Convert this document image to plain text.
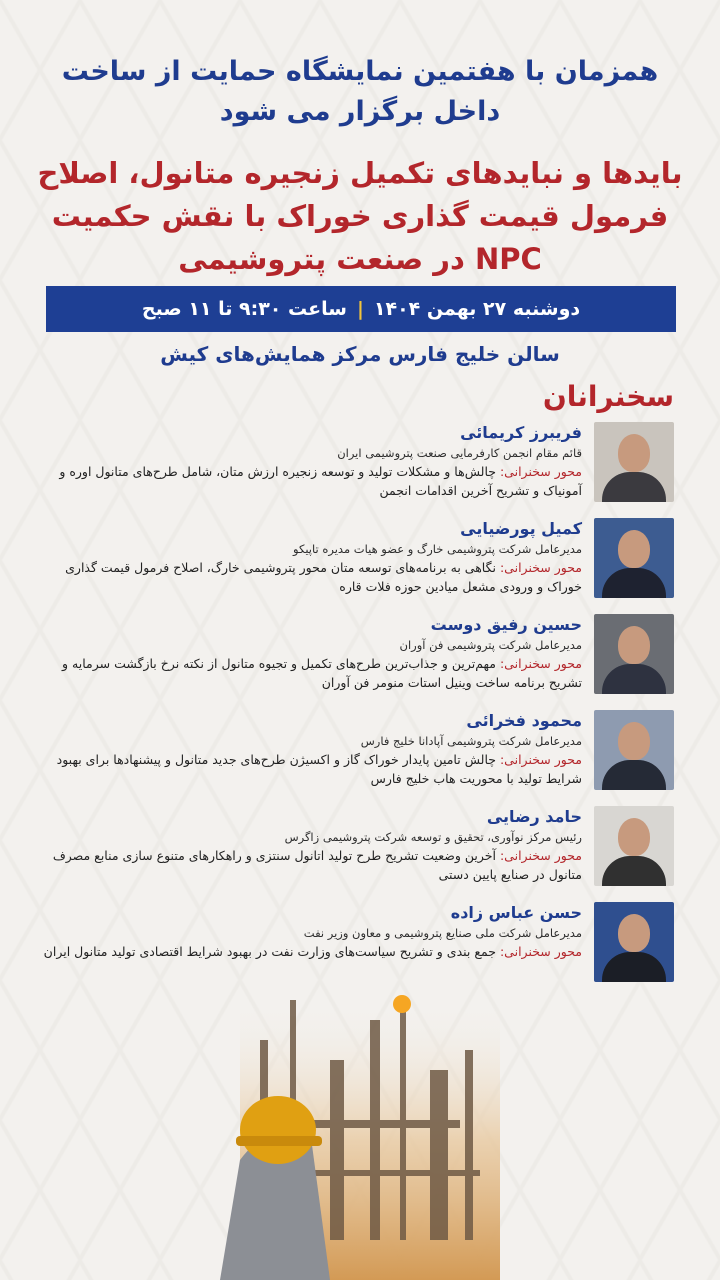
همزمان با هفتمین نمایشگاه حمایت از ساخت
داخل برگزار می شود
بایدها و نبایدهای تکمیل زنجیره متانول، اصلاح
فرمول قیمت گذاری خوراک با نقش حکمیت
NPC در صنعت پتروشیمی
دوشنبه ۲۷ بهمن ۱۴۰۴
|
ساعت ۹:۳۰ تا ۱۱ صبح
سالن خلیج فارس مرکز همایش‌های کیش
سخنرانان
فریبرز کریمائی
قائم مقام انجمن کارفرمایی صنعت پتروشیمی ایران
محور سخنرانی: چالش‌ها و مشکلات تولید و توسعه زنجیره ارزش متان، شامل طرح‌های متانول اوره و آمونیاک و تشریح آخرین اقدامات انجمن
کمیل پورضیایی
مدیرعامل شرکت پتروشیمی خارگ و عضو هیات مدیره تاپیکو
محور سخنرانی: نگاهی به برنامه‌های توسعه متان محور پتروشیمی خارگ، اصلاح فرمول قیمت گذاری خوراک و ورودی مشعل میادین حوزه فلات قاره
حسین رفیق دوست
مدیرعامل شرکت پتروشیمی فن آوران
محور سخنرانی: مهم‌ترین و جذاب‌ترین طرح‌های تکمیل و تجیوه متانول از نکته نرخ بازگشت سرمایه و تشریح برنامه ساخت وینیل استات منومر فن آوران
محمود فخرائی
مدیرعامل شرکت پتروشیمی آپادانا خلیج فارس
محور سخنرانی: چالش تامین پایدار خوراک گاز و اکسیژن طرح‌های جدید متانول و پیشنهادها برای بهبود شرایط تولید با محوریت هاب خلیج فارس
حامد رضایی
رئیس مرکز نوآوری، تحقیق و توسعه شرکت پتروشیمی زاگرس
محور سخنرانی: آخرین وضعیت تشریح طرح تولید اتانول سنتزی و راهکارهای متنوع سازی منابع مصرف متانول در صنایع پایین دستی
حسن عباس زاده
مدیرعامل شرکت ملی صنایع پتروشیمی و معاون وزیر نفت
محور سخنرانی: جمع بندی و تشریح سیاست‌های وزارت نفت در بهبود شرایط اقتصادی تولید متانول ایران
